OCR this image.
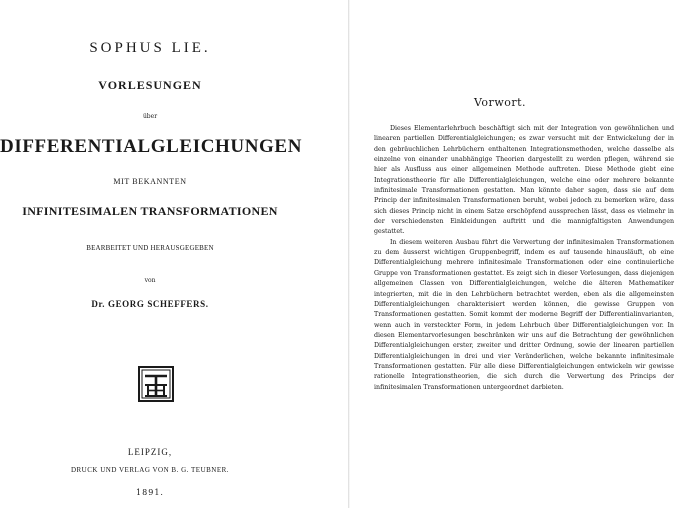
SOPHUS LIE.
VORLESUNGEN
über
DIFFERENTIALGLEICHUNGEN
MIT BEKANNTEN
INFINITESIMALEN TRANSFORMATIONEN
BEARBEITET UND HERAUSGEGEBEN
von
Dr. GEORG SCHEFFERS.
LEIPZIG,
DRUCK UND VERLAG VON B. G. TEUBNER.
1891.
Vorwort.

Dieses Elementarlehrbuch beschäftigt sich mit der Integration von gewöhnlichen und linearen partiellen Differentialgleichungen; es zwar versucht mit der Entwickelung der in den gebräuchlichen Lehrbüchern enthaltenen Integrationsmethoden, welche dasselbe als einzelne von einander unabhängige Theorien dargestellt zu werden pflegen, während sie hier als Ausfluss aus einer allgemeinen Methode auftreten. Diese Methode giebt eine Integrationstheorie für alle Differentialgleichungen, welche eine oder mehrere bekannte infinitesimale Transformationen gestatten. Man könnte daher sagen, dass sie auf dem Princip der infinitesimalen Transformationen beruht, wobei jedoch zu bemerken wäre, dass sich dieses Princip nicht in einem Satze erschöpfend aussprechen lässt, dass es vielmehr in der verschiedensten Einkleidungen auftritt und die mannigfaltigsten Anwendungen gestattet.

In diesem weiteren Ausbau führt die Verwertung der infinitesimalen Transformationen zu dem äusserst wichtigen Gruppenbegriff, indem es auf tausende hinausläuft, ob eine Differentialgleichung mehrere infinitesimale Transformationen oder eine continuierliche Gruppe von Transformationen gestattet. Es zeigt sich in dieser Vorlesungen, dass diejenigen allgemeinen Classen von Differentialgleichungen, welche die älteren Mathematiker integrierten, mit die in den Lehrbüchern betrachtet werden, eben als die allgemeinsten Differentialgleichungen charakterisiert werden können, die gewisse Gruppen von Transformationen gestatten. Somit kommt der moderne Begriff der Differentialinvarianten, wenn auch in versteckter Form, in jedem Lehrbuch über Differentialgleichungen vor. In diesen Elementarvorlesungen beschränken wir uns auf die Betrachtung der gewöhnlichen Differentialgleichungen erster, zweiter und dritter Ordnung, sowie der linearen partiellen Differentialgleichungen in drei und vier Veränderlichen, welche bekannte infinitesimale Transformationen gestatten. Für alle diese Differentialgleichungen entwickeln wir gewisse rationelle Integrationstheorien, die sich durch die Verwertung des Princips der infinitesimalen Transformationen untergeordnet darbieten.
